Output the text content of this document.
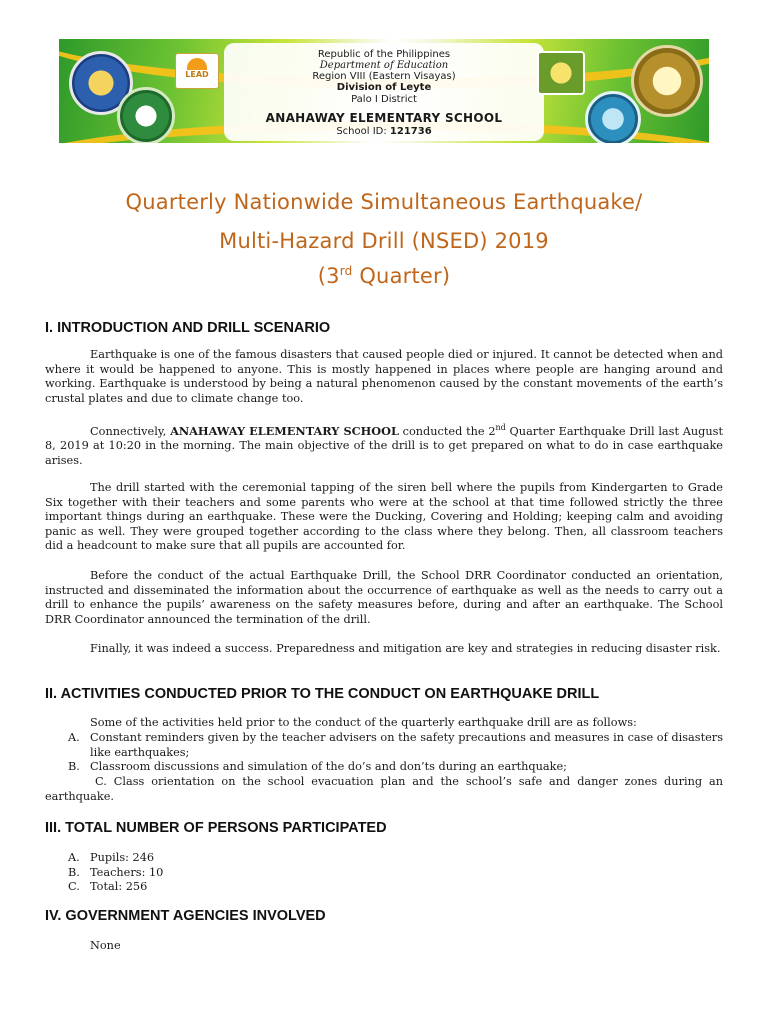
LEAD
Republic of the Philippines
Department of Education
Region VIII (Eastern Visayas)
Division of Leyte
Palo I District
ANAHAWAY ELEMENTARY SCHOOL
School ID: 121736
Quarterly Nationwide Simultaneous Earthquake/
Multi-Hazard Drill (NSED) 2019
(3rd Quarter)
I. INTRODUCTION AND DRILL SCENARIO

Earthquake is one of the famous disasters that caused people died or injured. It cannot be detected when and where it would be happened to anyone. This is mostly happened in places where people are hanging around and working. Earthquake is understood by being a natural phenomenon caused by the constant movements of the earth’s crustal plates and due to climate change too.

Connectively, ANAHAWAY ELEMENTARY SCHOOL conducted the 2nd Quarter Earthquake Drill last August 8, 2019 at 10:20 in the morning. The main objective of the drill is to get prepared on what to do in case earthquake arises.

The drill started with the ceremonial tapping of the siren bell where the pupils from Kindergarten to Grade Six together with their teachers and some parents who were at the school at that time followed strictly the three important things during an earthquake. These were the Ducking, Covering and Holding; keeping calm and avoiding panic as well. They were grouped together according to the class where they belong. Then, all classroom teachers did a headcount to make sure that all pupils are accounted for.

Before the conduct of the actual Earthquake Drill, the School DRR Coordinator conducted an orientation, instructed and disseminated the information about the occurrence of earthquake as well as the needs to carry out a drill to enhance the pupils’ awareness on the safety measures before, during and after an earthquake. The School DRR Coordinator announced the termination of the drill.

Finally, it was indeed a success. Preparedness and mitigation are key and strategies in reducing disaster risk.

II. ACTIVITIES CONDUCTED PRIOR TO THE CONDUCT ON EARTHQUAKE DRILL

Some of the activities held prior to the conduct of the quarterly earthquake drill are as follows:

A. Constant reminders given by the teacher advisers on the safety precautions and measures in case of disasters like earthquakes;
B. Classroom discussions and simulation of the do’s and don’ts during an earthquake;

C. Class orientation on the school evacuation plan and the school’s safe and danger zones during an earthquake.

III. TOTAL NUMBER OF PERSONS PARTICIPATED
A. Pupils: 246
B. Teachers: 10
C. Total: 256
IV. GOVERNMENT AGENCIES INVOLVED
None
